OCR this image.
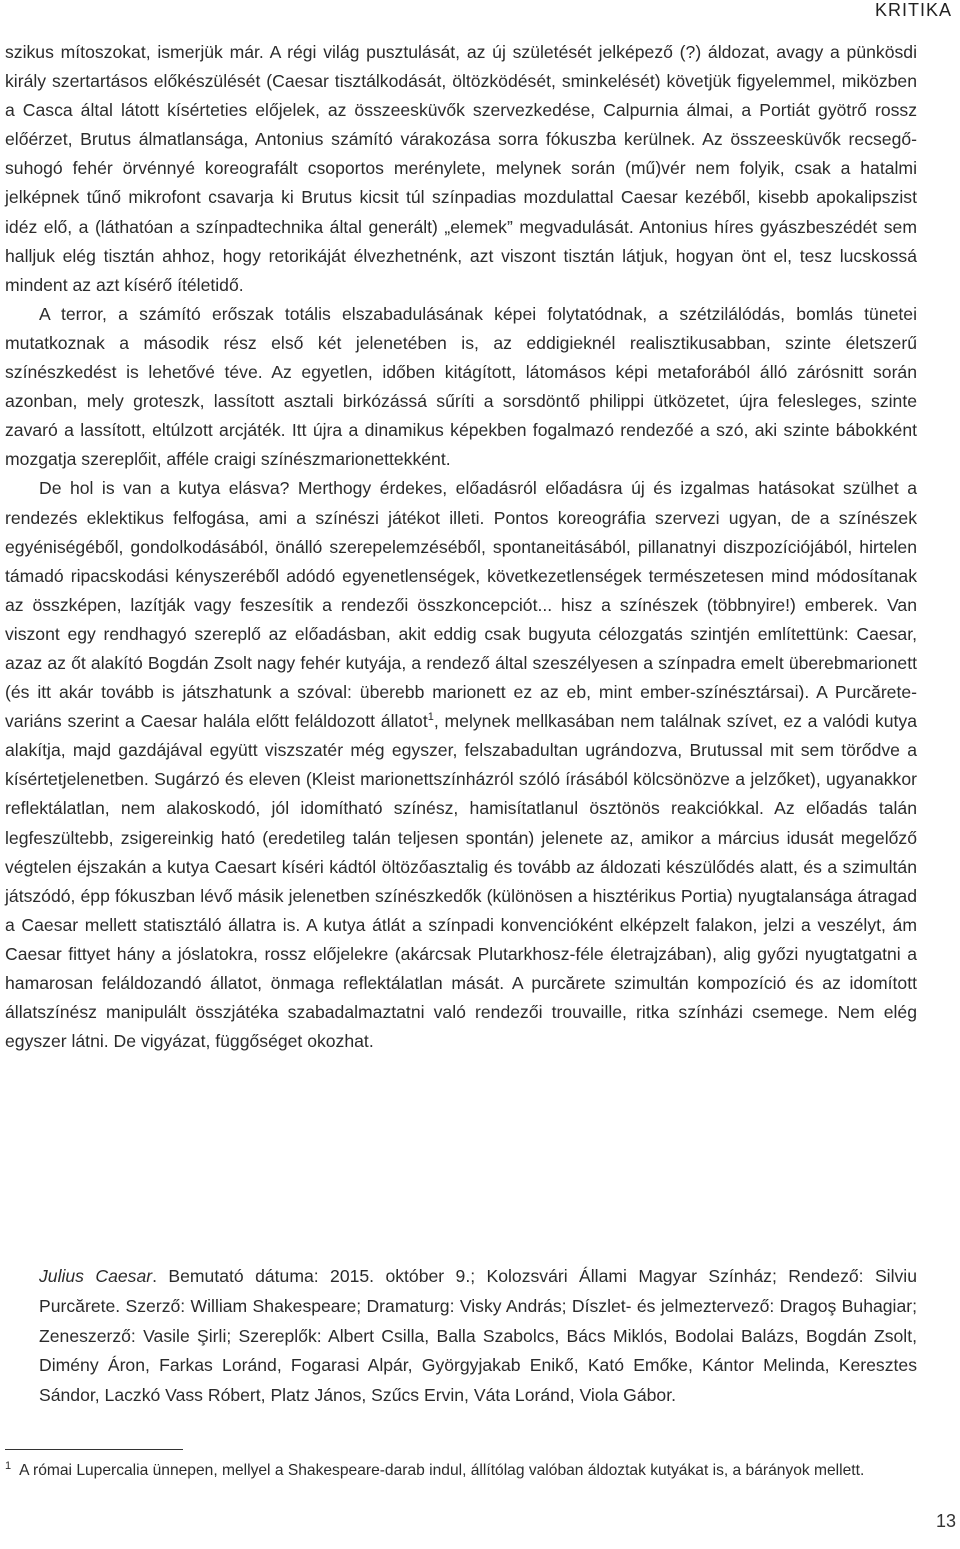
KRITIKA

szikus mítoszokat, ismerjük már. A régi világ pusztulását, az új születését jelképező (?) áldozat, avagy a pünkösdi király szertartásos előkészülését (Caesar tisztálkodását, öltözködését, sminkelését) követjük figyelemmel, miközben a Casca által látott kísérteties előjelek, az összeesküvők szervezkedése, Calpurnia álmai, a Portiát gyötrő rossz előérzet, Brutus álmatlansága, Antonius számító várakozása sorra fókuszba kerülnek. Az összeesküvők recsegő-suhogó fehér örvénnyé koreografált csoportos merénylete, melynek során (mű)vér nem folyik, csak a hatalmi jelképnek tűnő mikrofont csavarja ki Brutus kicsit túl színpadias mozdulattal Caesar kezéből, kisebb apokalipszist idéz elő, a (láthatóan a színpadtechnika által generált) „elemek” megvadulását. Antonius híres gyászbeszédét sem halljuk elég tisztán ahhoz, hogy retorikáját élvezhetnénk, azt viszont tisztán látjuk, hogyan önt el, tesz lucskossá mindent az azt kísérő ítéletidő.

A terror, a számító erőszak totális elszabadulásának képei folytatódnak, a szétzilálódás, bomlás tünetei mutatkoznak a második rész első két jelenetében is, az eddigieknél realisztikusabban, szinte életszerű színészkedést is lehetővé téve. Az egyetlen, időben kitágított, látomásos képi metaforából álló zárósnitt során azonban, mely groteszk, lassított asztali birkózássá sűríti a sorsdöntő philippi ütközetet, újra felesleges, szinte zavaró a lassított, eltúlzott arcjáték. Itt újra a dinamikus képekben fogalmazó rendezőé a szó, aki szinte bábokként mozgatja szereplőit, afféle craigi színészmarionettekként.

De hol is van a kutya elásva? Merthogy érdekes, előadásról előadásra új és izgalmas hatásokat szülhet a rendezés eklektikus felfogása, ami a színészi játékot illeti. Pontos koreográfia szervezi ugyan, de a színészek egyéniségéből, gondolkodásából, önálló szerepelemzéséből, spontaneitásából, pillanatnyi diszpozíciójából, hirtelen támadó ripacskodási kényszeréből adódó egyenetlenségek, következetlenségek természetesen mind módosítanak az összképen, lazítják vagy feszesítik a rendezői összkoncepciót... hisz a színészek (többnyire!) emberek. Van viszont egy rendhagyó szereplő az előadásban, akit eddig csak bugyuta célozgatás szintjén említettünk: Caesar, azaz az őt alakító Bogdán Zsolt nagy fehér kutyája, a rendező által szeszélyesen a színpadra emelt überebmarionett (és itt akár tovább is játszhatunk a szóval: überebb marionett ez az eb, mint ember-színésztársai). A Purcărete-variáns szerint a Caesar halála előtt feláldozott állatot$^1$, melynek mellkasában nem találnak szívet, ez a valódi kutya alakítja, majd gazdájával együtt viszszatér még egyszer, felszabadultan ugrándozva, Brutussal mit sem törődve a kísértetjelenetben. Sugárzó és eleven (Kleist marionettszínházról szóló írásából kölcsönözve a jelzőket), ugyanakkor reflektálatlan, nem alakoskodó, jól idomítható színész, hamisítatlanul ösztönös reakciókkal. Az előadás talán legfeszültebb, zsigereinkig ható (eredetileg talán teljesen spontán) jelenete az, amikor a március idusát megelőző végtelen éjszakán a kutya Caesart kíséri kádtól öltözőasztalig és tovább az áldozati készülődés alatt, és a szimultán játszódó, épp fókuszban lévő másik jelenetben színészkedők (különösen a hisztérikus Portia) nyugtalansága átragad a Caesar mellett statisztáló állatra is. A kutya átlát a színpadi konvencióként elképzelt falakon, jelzi a veszélyt, ám Caesar fittyet hány a jóslatokra, rossz előjelekre (akárcsak Plutarkhosz-féle életrajzában), alig győzi nyugtatgatni a hamarosan feláldozandó állatot, önmaga reflektálatlan mását. A purcărete szimultán kompozíció és az idomított állatszínész manipulált összjátéka szabadalmaztatni való rendezői trouvaille, ritka színházi csemege. Nem elég egyszer látni. De vigyázat, függőséget okozhat.

Julius Caesar. Bemutató dátuma: 2015. október 9.; Kolozsvári Állami Magyar Színház; Rendező: Silviu Purcărete. Szerző: William Shakespeare; Dramaturg: Visky András; Díszlet- és jelmeztervező: Dragoş Buhagiar; Zeneszerző: Vasile Şirli; Szereplők: Albert Csilla, Balla Szabolcs, Bács Miklós, Bodolai Balázs, Bogdán Zsolt, Dimény Áron, Farkas Loránd, Fogarasi Alpár, Györgyjakab Enikő, Kató Emőke, Kántor Melinda, Keresztes Sándor, Laczkó Vass Róbert, Platz János, Szűcs Ervin, Váta Loránd, Viola Gábor.
$^1$ A római Lupercalia ünnepen, mellyel a Shakespeare-darab indul, állítólag valóban áldoztak kutyákat is, a bárányok mellett.
13
